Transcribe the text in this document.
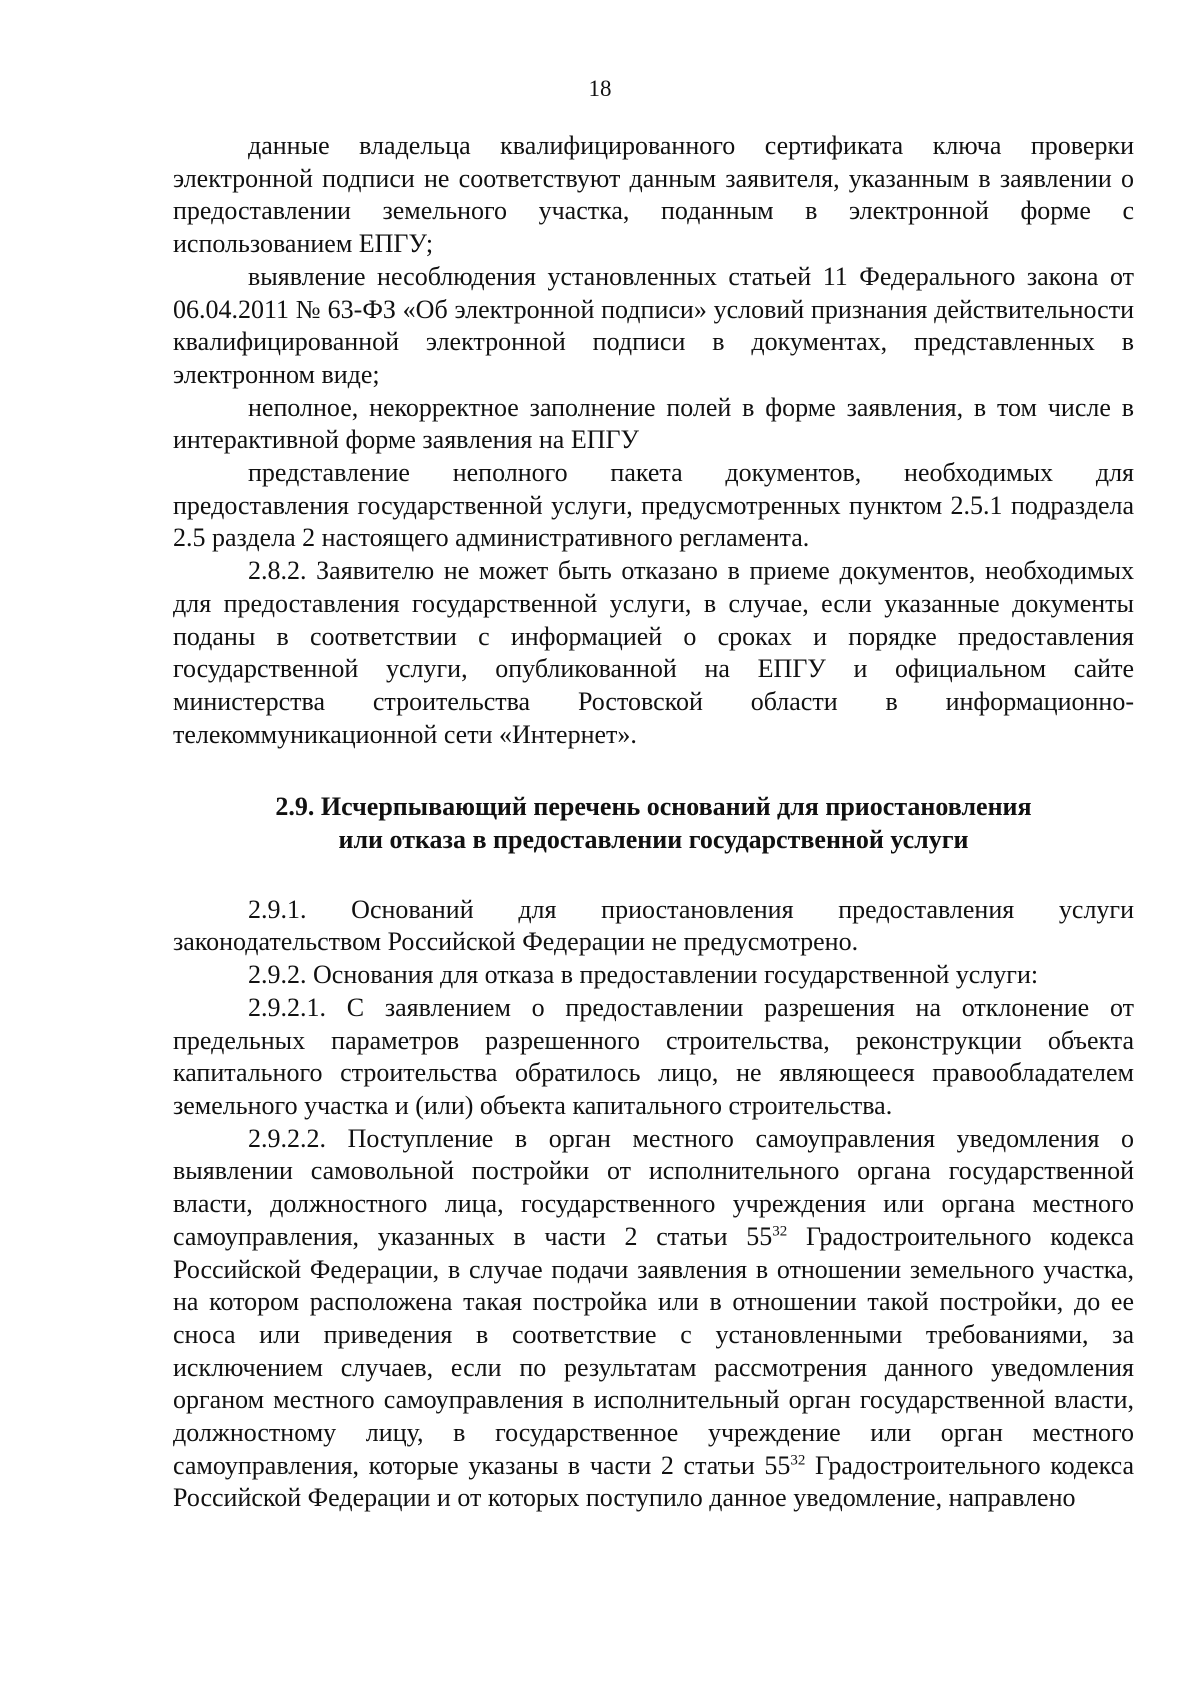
18

данные владельца квалифицированного сертификата ключа проверки электронной подписи не соответствуют данным заявителя, указанным в заявлении о предоставлении земельного участка, поданным в электронной форме с использованием ЕПГУ;

выявление несоблюдения установленных статьей 11 Федерального закона от 06.04.2011 № 63-ФЗ «Об электронной подписи» условий признания действительности квалифицированной электронной подписи в документах, представленных в электронном виде;

неполное, некорректное заполнение полей в форме заявления, в том числе в интерактивной форме заявления на ЕПГУ

представление неполного пакета документов, необходимых для предоставления государственной услуги, предусмотренных пунктом 2.5.1 подраздела 2.5 раздела 2 настоящего административного регламента.

2.8.2. Заявителю не может быть отказано в приеме документов, необходимых для предоставления государственной услуги, в случае, если указанные документы поданы в соответствии с информацией о сроках и порядке предоставления государственной услуги, опубликованной на ЕПГУ и официальном сайте министерства строительства Ростовской области в информационно-телекоммуникационной сети «Интернет».

2.9. Исчерпывающий перечень оснований для приостановления
или отказа в предоставлении государственной услуги

2.9.1. Оснований для приостановления предоставления услуги законодательством Российской Федерации не предусмотрено.

2.9.2. Основания для отказа в предоставлении государственной услуги:

2.9.2.1. С заявлением о предоставлении разрешения на отклонение от предельных параметров разрешенного строительства, реконструкции объекта капитального строительства обратилось лицо, не являющееся правообладателем земельного участка и (или) объекта капитального строительства.

2.9.2.2. Поступление в орган местного самоуправления уведомления о выявлении самовольной постройки от исполнительного органа государственной власти, должностного лица, государственного учреждения или органа местного самоуправления, указанных в части 2 статьи $55^{32}$ Градостроительного кодекса Российской Федерации, в случае подачи заявления в отношении земельного участка, на котором расположена такая постройка или в отношении такой постройки, до ее сноса или приведения в соответствие с установленными требованиями, за исключением случаев, если по результатам рассмотрения данного уведомления органом местного самоуправления в исполнительный орган государственной власти, должностному лицу, в государственное учреждение или орган местного самоуправления, которые указаны в части 2 статьи $55^{32}$ Градостроительного кодекса Российской Федерации и от которых поступило данное уведомление, направлено
